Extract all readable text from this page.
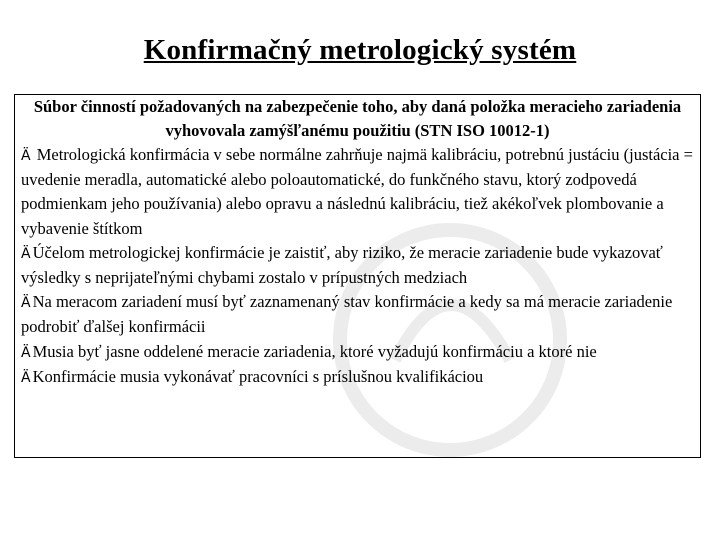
Konfirmačný metrologický systém
Súbor činností požadovaných na zabezpečenie toho, aby daná položka meracieho zariadenia vyhovovala zamýšľanému použitiu (STN ISO 10012-1)
Ä Metrologická konfirmácia v sebe normálne zahrňuje najmä kalibráciu, potrebnú justáciu (justácia = uvedenie meradla, automatické alebo poloautomatické, do funkčného stavu, ktorý zodpovedá podmienkam jeho používania) alebo opravu a následnú kalibráciu, tiež akékoľvek plombovanie a vybavenie štítkom
Ä Účelom metrologickej konfirmácie je zaistiť, aby riziko, že meracie zariadenie bude vykazovať výsledky s neprijateľnými chybami zostalo v prípustných medziach
Ä Na meracom zariadení musí byť zaznamenaný stav konfirmácie a kedy sa má meracie zariadenie podrobiť ďalšej konfirmácii
Ä Musia byť jasne oddelené meracie zariadenia, ktoré vyžadujú konfirmáciu a ktoré nie
Ä Konfirmácie musia vykonávať pracovníci s príslušnou kvalifikáciou
